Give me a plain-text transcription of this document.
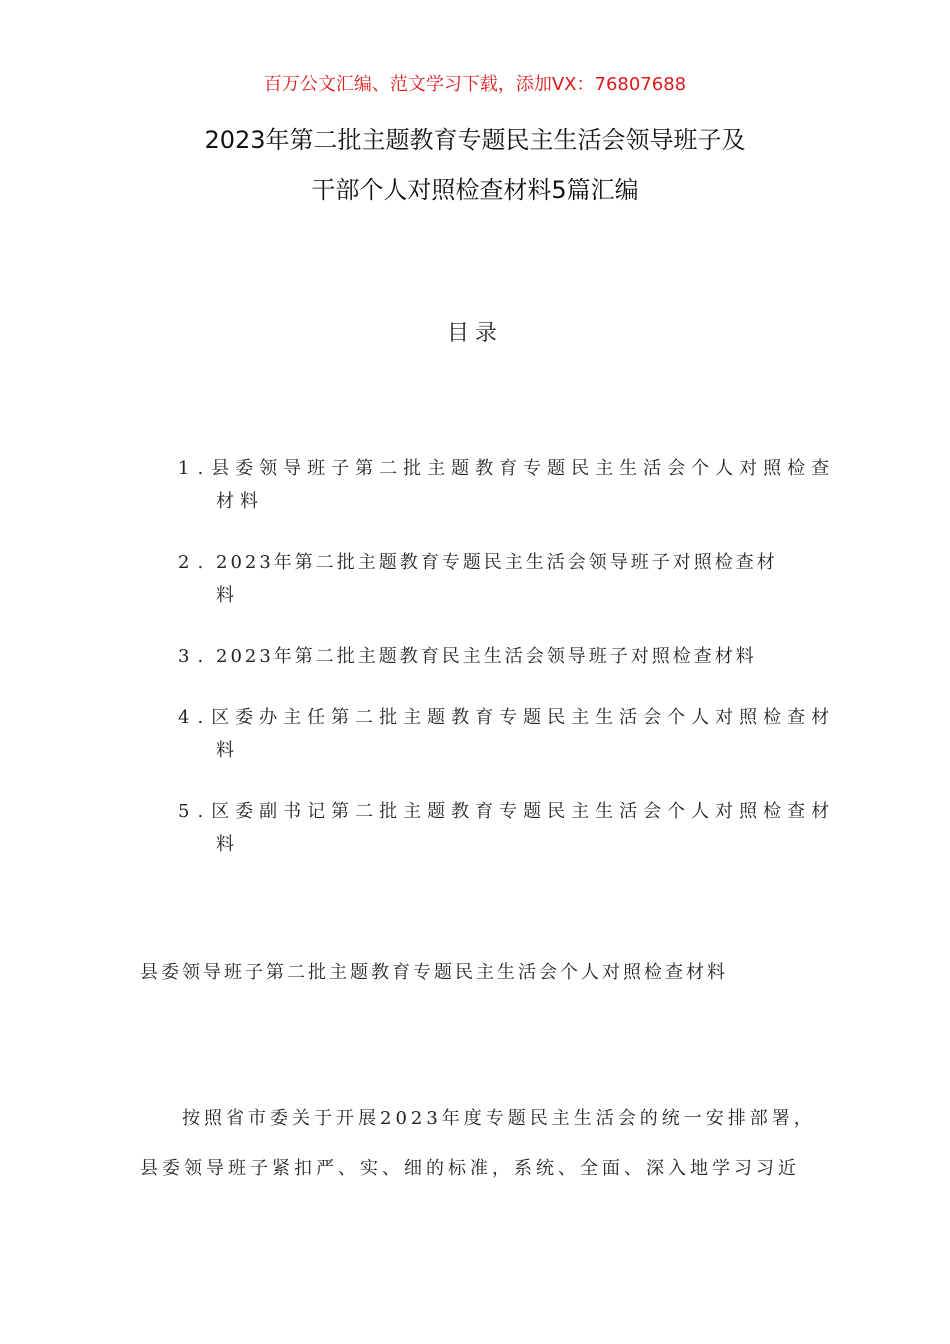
百万公文汇编、范文学习下载，添加VX：76807688
2023年第二批主题教育专题民主生活会领导班子及
干部个人对照检查材料5篇汇编
目录
1. 县委领导班子第二批主题教育专题民主生活会个人对照检查
材料
2. 2023年第二批主题教育专题民主生活会领导班子对照检查材
料
3. 2023年第二批主题教育民主生活会领导班子对照检查材料
4. 区委办主任第二批主题教育专题民主生活会个人对照检查材
料
5. 区委副书记第二批主题教育专题民主生活会个人对照检查材
料
县委领导班子第二批主题教育专题民主生活会个人对照检查材料
按照省市委关于开展2023年度专题民主生活会的统一安排部署，
县委领导班子紧扣严、实、细的标准，系统、全面、深入地学习习近
